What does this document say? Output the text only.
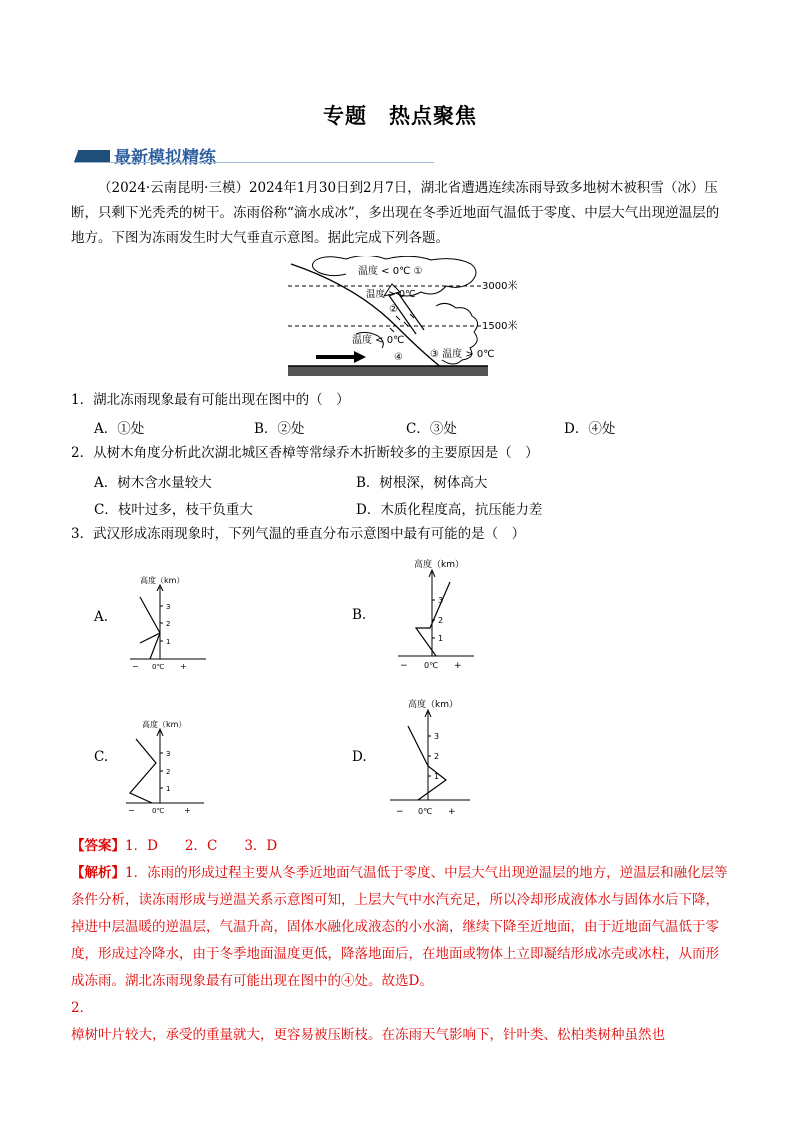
专题　热点聚焦
最新模拟精练
（2024·云南昆明·三模）2024年1月30日到2月7日，湖北省遭遇连续冻雨导致多地树木被积雪（冰）压断，只剩下光秃秃的树干。冻雨俗称“滴水成冰”，多出现在冬季近地面气温低于零度、中层大气出现逆温层的地方。下图为冻雨发生时大气垂直示意图。据此完成下列各题。
温度 < 0℃ ①
温度 > 0℃
②
3000米
1500米
温度 < 0℃
④	③ 温度 > 0℃
1．湖北冻雨现象最有可能出现在图中的（　）
A．①处	B．②处	C．③处	D．④处
2．从树木角度分析此次湖北城区香樟等常绿乔木折断较多的主要原因是（　）
A．树木含水量较大	B．树根深，树体高大
C．枝叶过多，枝干负重大	D．木质化程度高，抗压能力差
3．武汉形成冻雨现象时，下列气温的垂直分布示意图中最有可能的是（　）
A.	B.
C.	D.
高度（km）
3
2
1
− 0℃ +
高度（km）
3
2
1
− 0℃ +
高度（km）
3
2
1
− 0℃ +
高度（km）
3
2
1
− 0℃ +
【答案】1．D　　2．C　　3．D
【解析】1．冻雨的形成过程主要从冬季近地面气温低于零度、中层大气出现逆温层的地方，逆温层和融化层等条件分析，读冻雨形成与逆温关系示意图可知，上层大气中水汽充足，所以冷却形成液体水与固体水后下降，掉进中层温暖的逆温层，气温升高，固体水融化成液态的小水滴，继续下降至近地面，由于近地面气温低于零度，形成过冷降水，由于冬季地面温度更低，降落地面后，在地面或物体上立即凝结形成冰壳或冰柱，从而形成冻雨。湖北冻雨现象最有可能出现在图中的④处。故选D。
2．
樟树叶片较大，承受的重量就大，更容易被压断枝。在冻雨天气影响下，针叶类、松柏类树种虽然也
